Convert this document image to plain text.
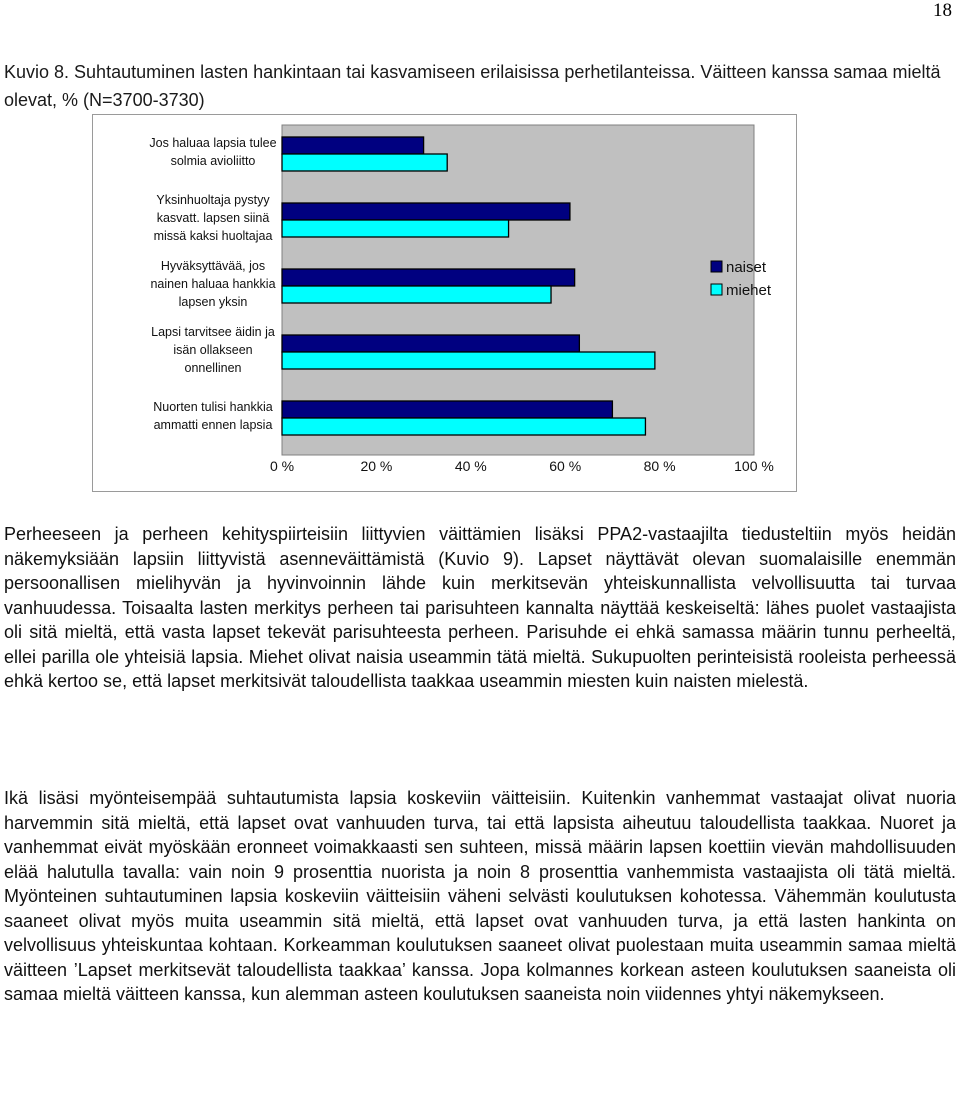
18
Kuvio 8. Suhtautuminen lasten hankintaan tai kasvamiseen erilaisissa perhetilanteissa. Väitteen kanssa samaa mieltä olevat, % (N=3700-3730)
Jos haluaa lapsia tulee
solmia avioliitto
Yksinhuoltaja pystyy
kasvatt. lapsen siinä
missä kaksi huoltajaa
Hyväksyttävää, jos
nainen haluaa hankkia
lapsen yksin
Lapsi tarvitsee äidin ja
isän ollakseen
onnellinen
Nuorten tulisi hankkia
ammatti ennen lapsia
0 %	20 %	40 %	60 %	80 %	100 %
naiset
miehet

Perheeseen ja perheen kehityspiirteisiin liittyvien väittämien lisäksi PPA2-vastaajilta tiedusteltiin myös heidän näkemyksiään lapsiin liittyvistä asenneväittämistä (Kuvio 9). Lapset näyttävät olevan suomalaisille enemmän persoonallisen mielihyvän ja hyvinvoinnin lähde kuin merkitsevän yhteiskunnallista velvollisuutta tai turvaa vanhuudessa. Toisaalta lasten merkitys perheen tai parisuhteen kannalta näyttää keskeiseltä: lähes puolet vastaajista oli sitä mieltä, että vasta lapset tekevät parisuhteesta perheen. Parisuhde ei ehkä samassa määrin tunnu perheeltä, ellei parilla ole yhteisiä lapsia. Miehet olivat naisia useammin tätä mieltä. Sukupuolten perinteisistä rooleista perheessä ehkä kertoo se, että lapset merkitsivät taloudellista taakkaa useammin miesten kuin naisten mielestä.

Ikä lisäsi myönteisempää suhtautumista lapsia koskeviin väitteisiin. Kuitenkin vanhemmat vastaajat olivat nuoria harvemmin sitä mieltä, että lapset ovat vanhuuden turva, tai että lapsista aiheutuu taloudellista taakkaa. Nuoret ja vanhemmat eivät myöskään eronneet voimakkaasti sen suhteen, missä määrin lapsen koettiin vievän mahdollisuuden elää halutulla tavalla: vain noin 9 prosenttia nuorista ja noin 8 prosenttia vanhemmista vastaajista oli tätä mieltä. Myönteinen suhtautuminen lapsia koskeviin väitteisiin väheni selvästi koulutuksen kohotessa. Vähemmän koulutusta saaneet olivat myös muita useammin sitä mieltä, että lapset ovat vanhuuden turva, ja että lasten hankinta on velvollisuus yhteiskuntaa kohtaan. Korkeamman koulutuksen saaneet olivat puolestaan muita useammin samaa mieltä väitteen ’Lapset merkitsevät taloudellista taakkaa’ kanssa. Jopa kolmannes korkean asteen koulutuksen saaneista oli samaa mieltä väitteen kanssa, kun alemman asteen koulutuksen saaneista noin viidennes yhtyi näkemykseen.
